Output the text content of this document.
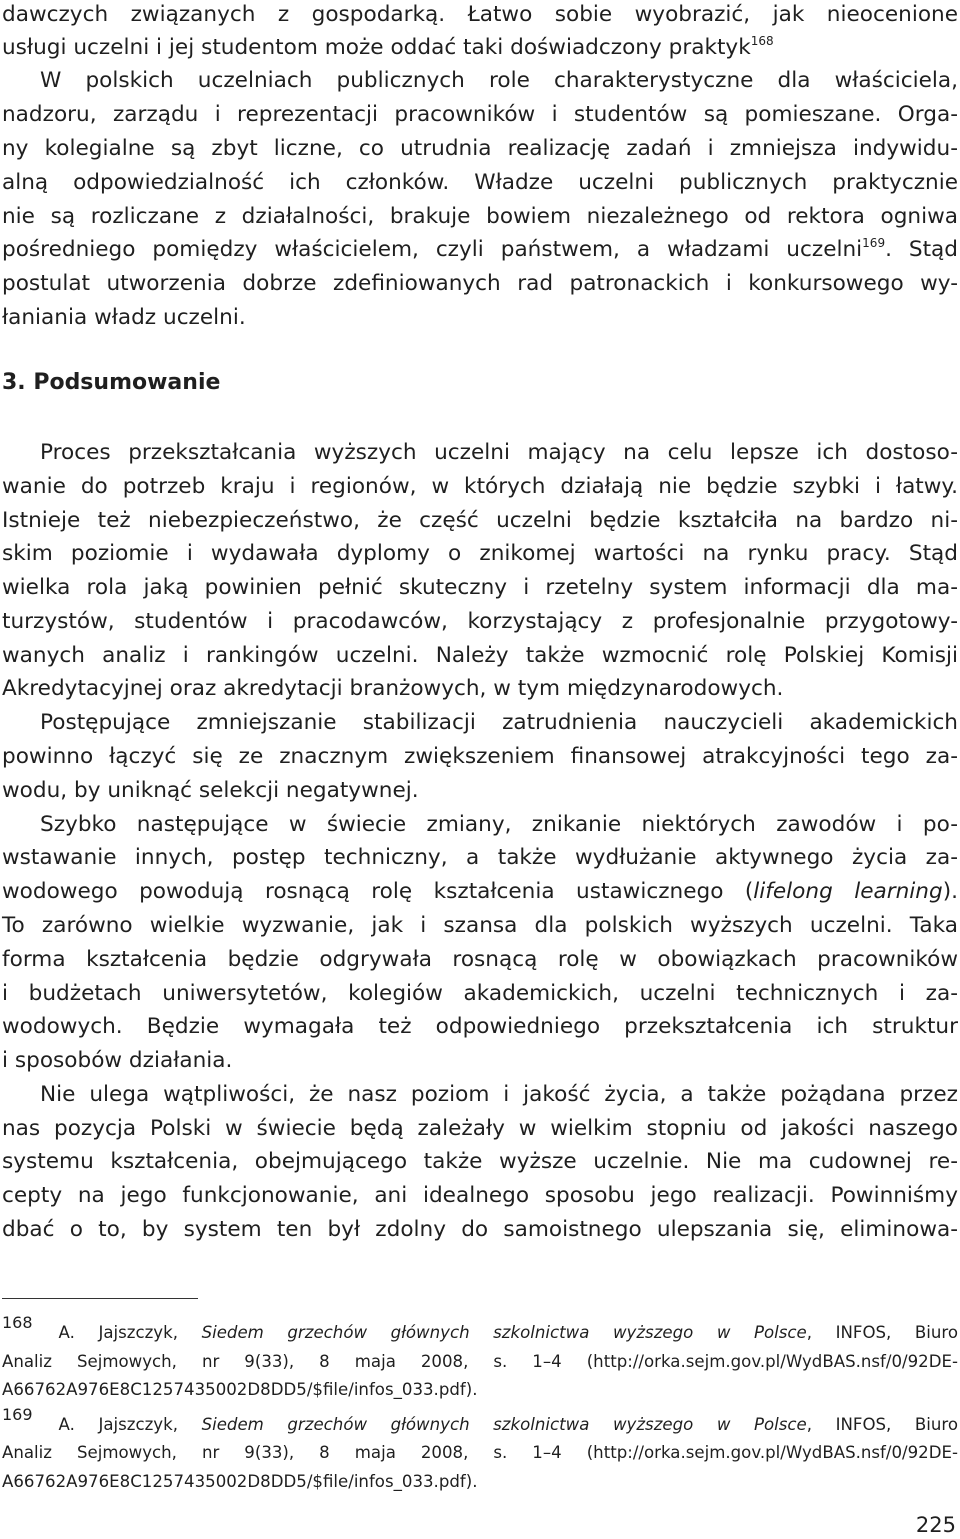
dawczych związanych z gospodarką. Łatwo sobie wyobrazić, jak nieocenione
usługi uczelni i jej studentom może oddać taki doświadczony praktyk$^{168}$
W polskich uczelniach publicznych role charakterystyczne dla właściciela,
nadzoru, zarządu i reprezentacji pracowników i studentów są pomieszane. Orga-
ny kolegialne są zbyt liczne, co utrudnia realizację zadań i zmniejsza indywidu-
alną odpowiedzialność ich członków. Władze uczelni publicznych praktycznie
nie są rozliczane z działalności, brakuje bowiem niezależnego od rektora ogniwa
pośredniego pomiędzy właścicielem, czyli państwem, a władzami uczelni$^{169}$. Stąd
postulat utworzenia dobrze zdefiniowanych rad patronackich i konkursowego wy-
łaniania władz uczelni.
3. Podsumowanie
Proces przekształcania wyższych uczelni mający na celu lepsze ich dostoso-
wanie do potrzeb kraju i regionów, w których działają nie będzie szybki i łatwy.
Istnieje też niebezpieczeństwo, że część uczelni będzie kształciła na bardzo ni-
skim poziomie i wydawała dyplomy o znikomej wartości na rynku pracy. Stąd
wielka rola jaką powinien pełnić skuteczny i rzetelny system informacji dla ma-
turzystów, studentów i pracodawców, korzystający z profesjonalnie przygotowy-
wanych analiz i rankingów uczelni. Należy także wzmocnić rolę Polskiej Komisji
Akredytacyjnej oraz akredytacji branżowych, w tym międzynarodowych.
Postępujące zmniejszanie stabilizacji zatrudnienia nauczycieli akademickich
powinno łączyć się ze znacznym zwiększeniem finansowej atrakcyjności tego za-
wodu, by uniknąć selekcji negatywnej.
Szybko następujące w świecie zmiany, znikanie niektórych zawodów i po-
wstawanie innych, postęp techniczny, a także wydłużanie aktywnego życia za-
wodowego powodują rosnącą rolę kształcenia ustawicznego (lifelong learning).
To zarówno wielkie wyzwanie, jak i szansa dla polskich wyższych uczelni. Taka
forma kształcenia będzie odgrywała rosnącą rolę w obowiązkach pracowników
i budżetach uniwersytetów, kolegiów akademickich, uczelni technicznych i za-
wodowych. Będzie wymagała też odpowiedniego przekształcenia ich struktur
i sposobów działania.
Nie ulega wątpliwości, że nasz poziom i jakość życia, a także pożądana przez
nas pozycja Polski w świecie będą zależały w wielkim stopniu od jakości naszego
systemu kształcenia, obejmującego także wyższe uczelnie. Nie ma cudownej re-
cepty na jego funkcjonowanie, ani idealnego sposobu jego realizacji. Powinniśmy
dbać o to, by system ten był zdolny do samoistnego ulepszania się, eliminowa-
168A. Jajszczyk, Siedem grzechów głównych szkolnictwa wyższego w Polsce, INFOS, Biuro
Analiz Sejmowych, nr 9(33), 8 maja 2008, s. 1–4 (http://orka.sejm.gov.pl/WydBAS.nsf/0/92DE-
A66762A976E8C1257435002D8DD5/$file/infos_033.pdf).
169A. Jajszczyk, Siedem grzechów głównych szkolnictwa wyższego w Polsce, INFOS, Biuro
Analiz Sejmowych, nr 9(33), 8 maja 2008, s. 1–4 (http://orka.sejm.gov.pl/WydBAS.nsf/0/92DE-
A66762A976E8C1257435002D8DD5/$file/infos_033.pdf).
225
